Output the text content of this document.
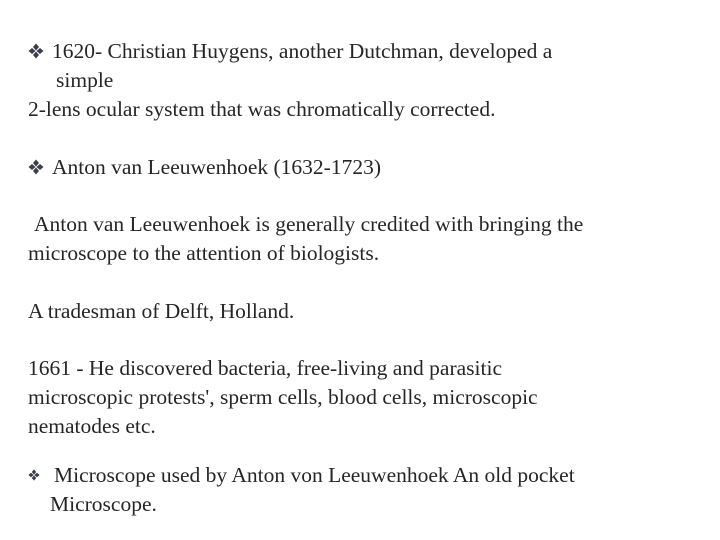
1620- Christian Huygens, another Dutchman, developed a
simple
2-lens ocular system that was chromatically corrected.
Anton van Leeuwenhoek (1632-1723)
Anton van Leeuwenhoek is generally credited with bringing the
microscope to the attention of biologists.
A tradesman of Delft, Holland.
1661 - He discovered bacteria, free-living and parasitic
microscopic protests', sperm cells, blood cells, microscopic
nematodes etc.
Microscope used by Anton von Leeuwenhoek An old pocket
Microscope.
